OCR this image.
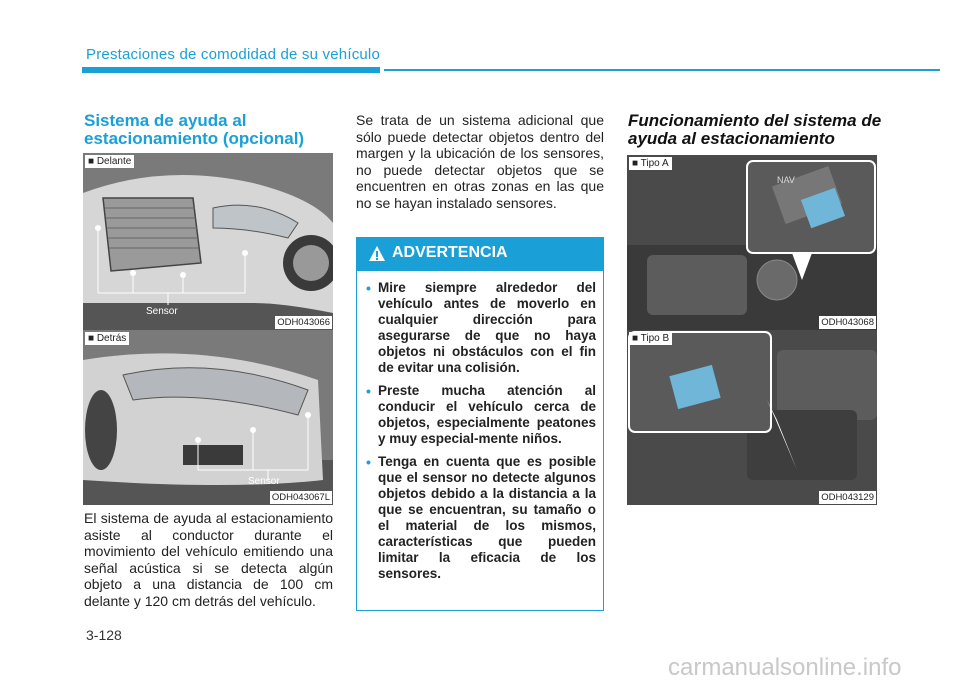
Prestaciones de comodidad de su vehículo
Sistema de ayuda al estacionamiento (opcional)
■ Delante
Sensor
ODH043066
■ Detrás
Sensor
ODH043067L
El sistema de ayuda al estacionamiento asiste al conductor durante el movimiento del vehículo emitiendo una señal acústica si se detecta algún objeto a una distancia de 100 cm delante y 120 cm detrás del vehículo.
Se trata de un sistema adicional que sólo puede detectar objetos dentro del margen y la ubicación de los sensores, no puede detectar objetos que se encuentren en otras zonas en las que no se hayan instalado sensores.
ADVERTENCIA
• Mire siempre alrededor del vehículo antes de moverlo en cualquier dirección para asegurarse de que no haya objetos ni obstáculos con el fin de evitar una colisión.
• Preste mucha atención al conducir el vehículo cerca de objetos, especialmente peatones y muy especial-mente niños.
• Tenga en cuenta que es posible que el sensor no detecte algunos objetos debido a la distancia a la que se encuentran, su tamaño o el material de los mismos, características que pueden limitar la eficacia de los sensores.
Funcionamiento del sistema de ayuda al estacionamiento
NAV
■ Tipo A
ODH043068
■ Tipo B
ODH043129
3-128
carmanualsonline.info
